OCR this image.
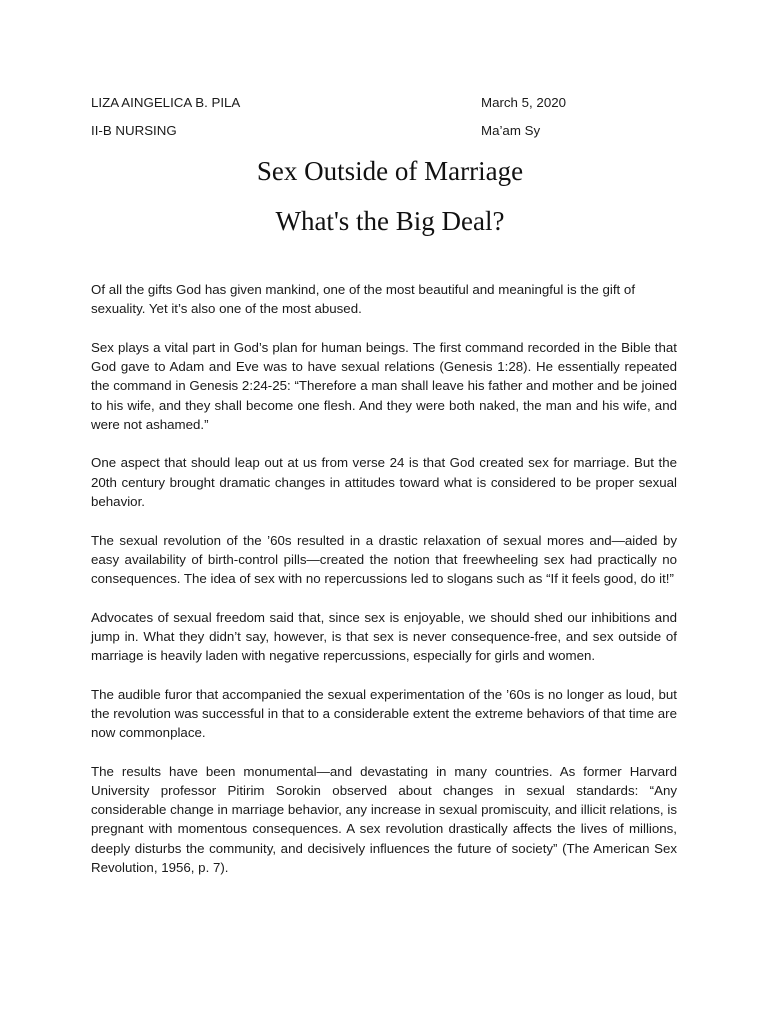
LIZA AINGELICA B. PILA
II-B NURSING
March 5, 2020
Ma’am Sy
Sex Outside of Marriage
What's the Big Deal?

Of all the gifts God has given mankind, one of the most beautiful and meaningful is the gift of sexuality. Yet it’s also one of the most abused.

Sex plays a vital part in God’s plan for human beings. The first command recorded in the Bible that God gave to Adam and Eve was to have sexual relations (Genesis 1:28). He essentially repeated the command in Genesis 2:24-25: “Therefore a man shall leave his father and mother and be joined to his wife, and they shall become one flesh. And they were both naked, the man and his wife, and were not ashamed.”

One aspect that should leap out at us from verse 24 is that God created sex for marriage. But the 20th century brought dramatic changes in attitudes toward what is considered to be proper sexual behavior.

The sexual revolution of the ’60s resulted in a drastic relaxation of sexual mores and—aided by easy availability of birth-control pills—created the notion that freewheeling sex had practically no consequences. The idea of sex with no repercussions led to slogans such as “If it feels good, do it!”

Advocates of sexual freedom said that, since sex is enjoyable, we should shed our inhibitions and jump in. What they didn’t say, however, is that sex is never consequence-free, and sex outside of marriage is heavily laden with negative repercussions, especially for girls and women.

The audible furor that accompanied the sexual experimentation of the ’60s is no longer as loud, but the revolution was successful in that to a considerable extent the extreme behaviors of that time are now commonplace.

The results have been monumental—and devastating in many countries. As former Harvard University professor Pitirim Sorokin observed about changes in sexual standards: “Any considerable change in marriage behavior, any increase in sexual promiscuity, and illicit relations, is pregnant with momentous consequences. A sex revolution drastically affects the lives of millions, deeply disturbs the community, and decisively influences the future of society” (The American Sex Revolution, 1956, p. 7).
